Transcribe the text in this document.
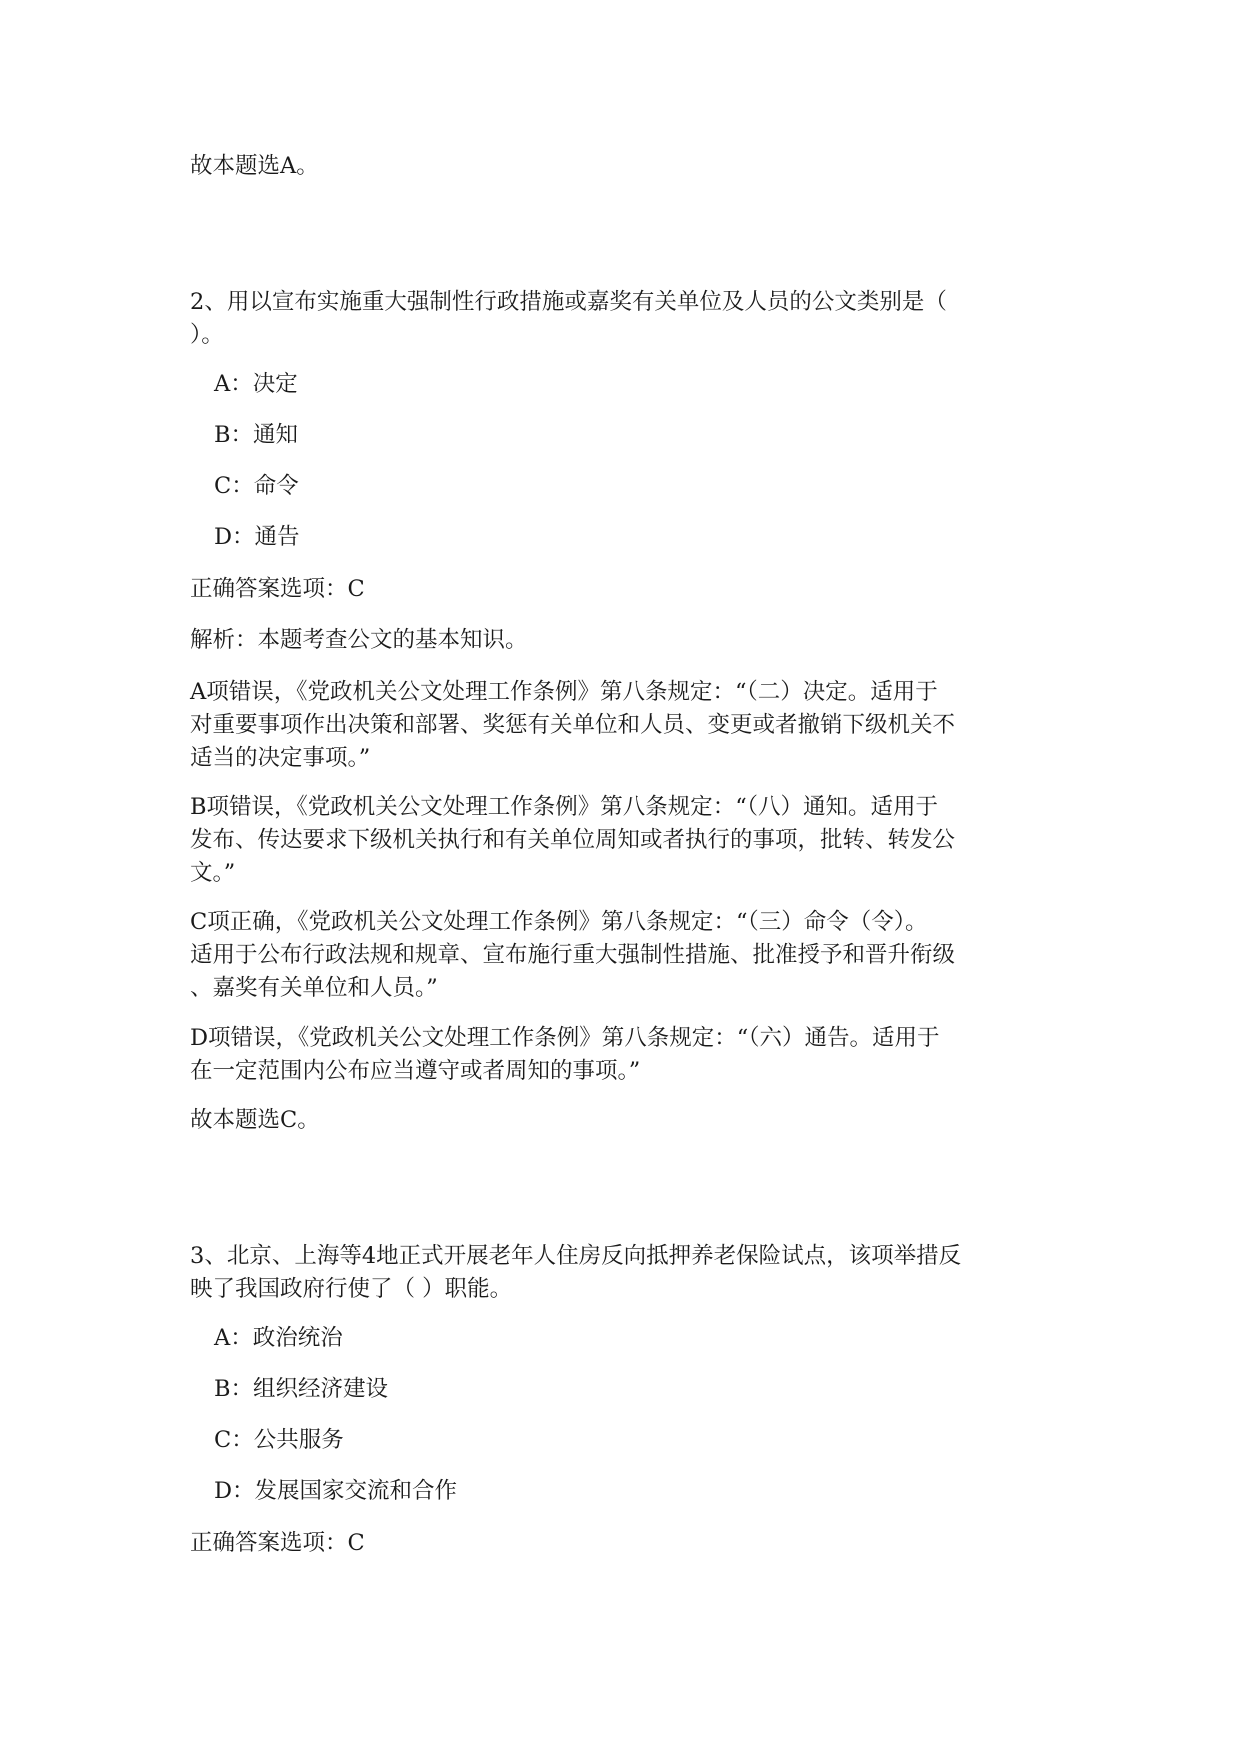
故本题选A。
2、用以宣布实施重大强制性行政措施或嘉奖有关单位及人员的公文类别是（
）。
A：决定
B：通知
C：命令
D：通告
正确答案选项：C
解析：本题考查公文的基本知识。
A项错误，《党政机关公文处理工作条例》第八条规定：“（二）决定。适用于
对重要事项作出决策和部署、奖惩有关单位和人员、变更或者撤销下级机关不
适当的决定事项。”
B项错误，《党政机关公文处理工作条例》第八条规定：“（八）通知。适用于
发布、传达要求下级机关执行和有关单位周知或者执行的事项，批转、转发公
文。”
C项正确，《党政机关公文处理工作条例》第八条规定：“（三）命令（令）。
适用于公布行政法规和规章、宣布施行重大强制性措施、批准授予和晋升衔级
、嘉奖有关单位和人员。”
D项错误，《党政机关公文处理工作条例》第八条规定：“（六）通告。适用于
在一定范围内公布应当遵守或者周知的事项。”
故本题选C。
3、北京、上海等4地正式开展老年人住房反向抵押养老保险试点，该项举措反
映了我国政府行使了（ ）职能。
A：政治统治
B：组织经济建设
C：公共服务
D：发展国家交流和合作
正确答案选项：C
